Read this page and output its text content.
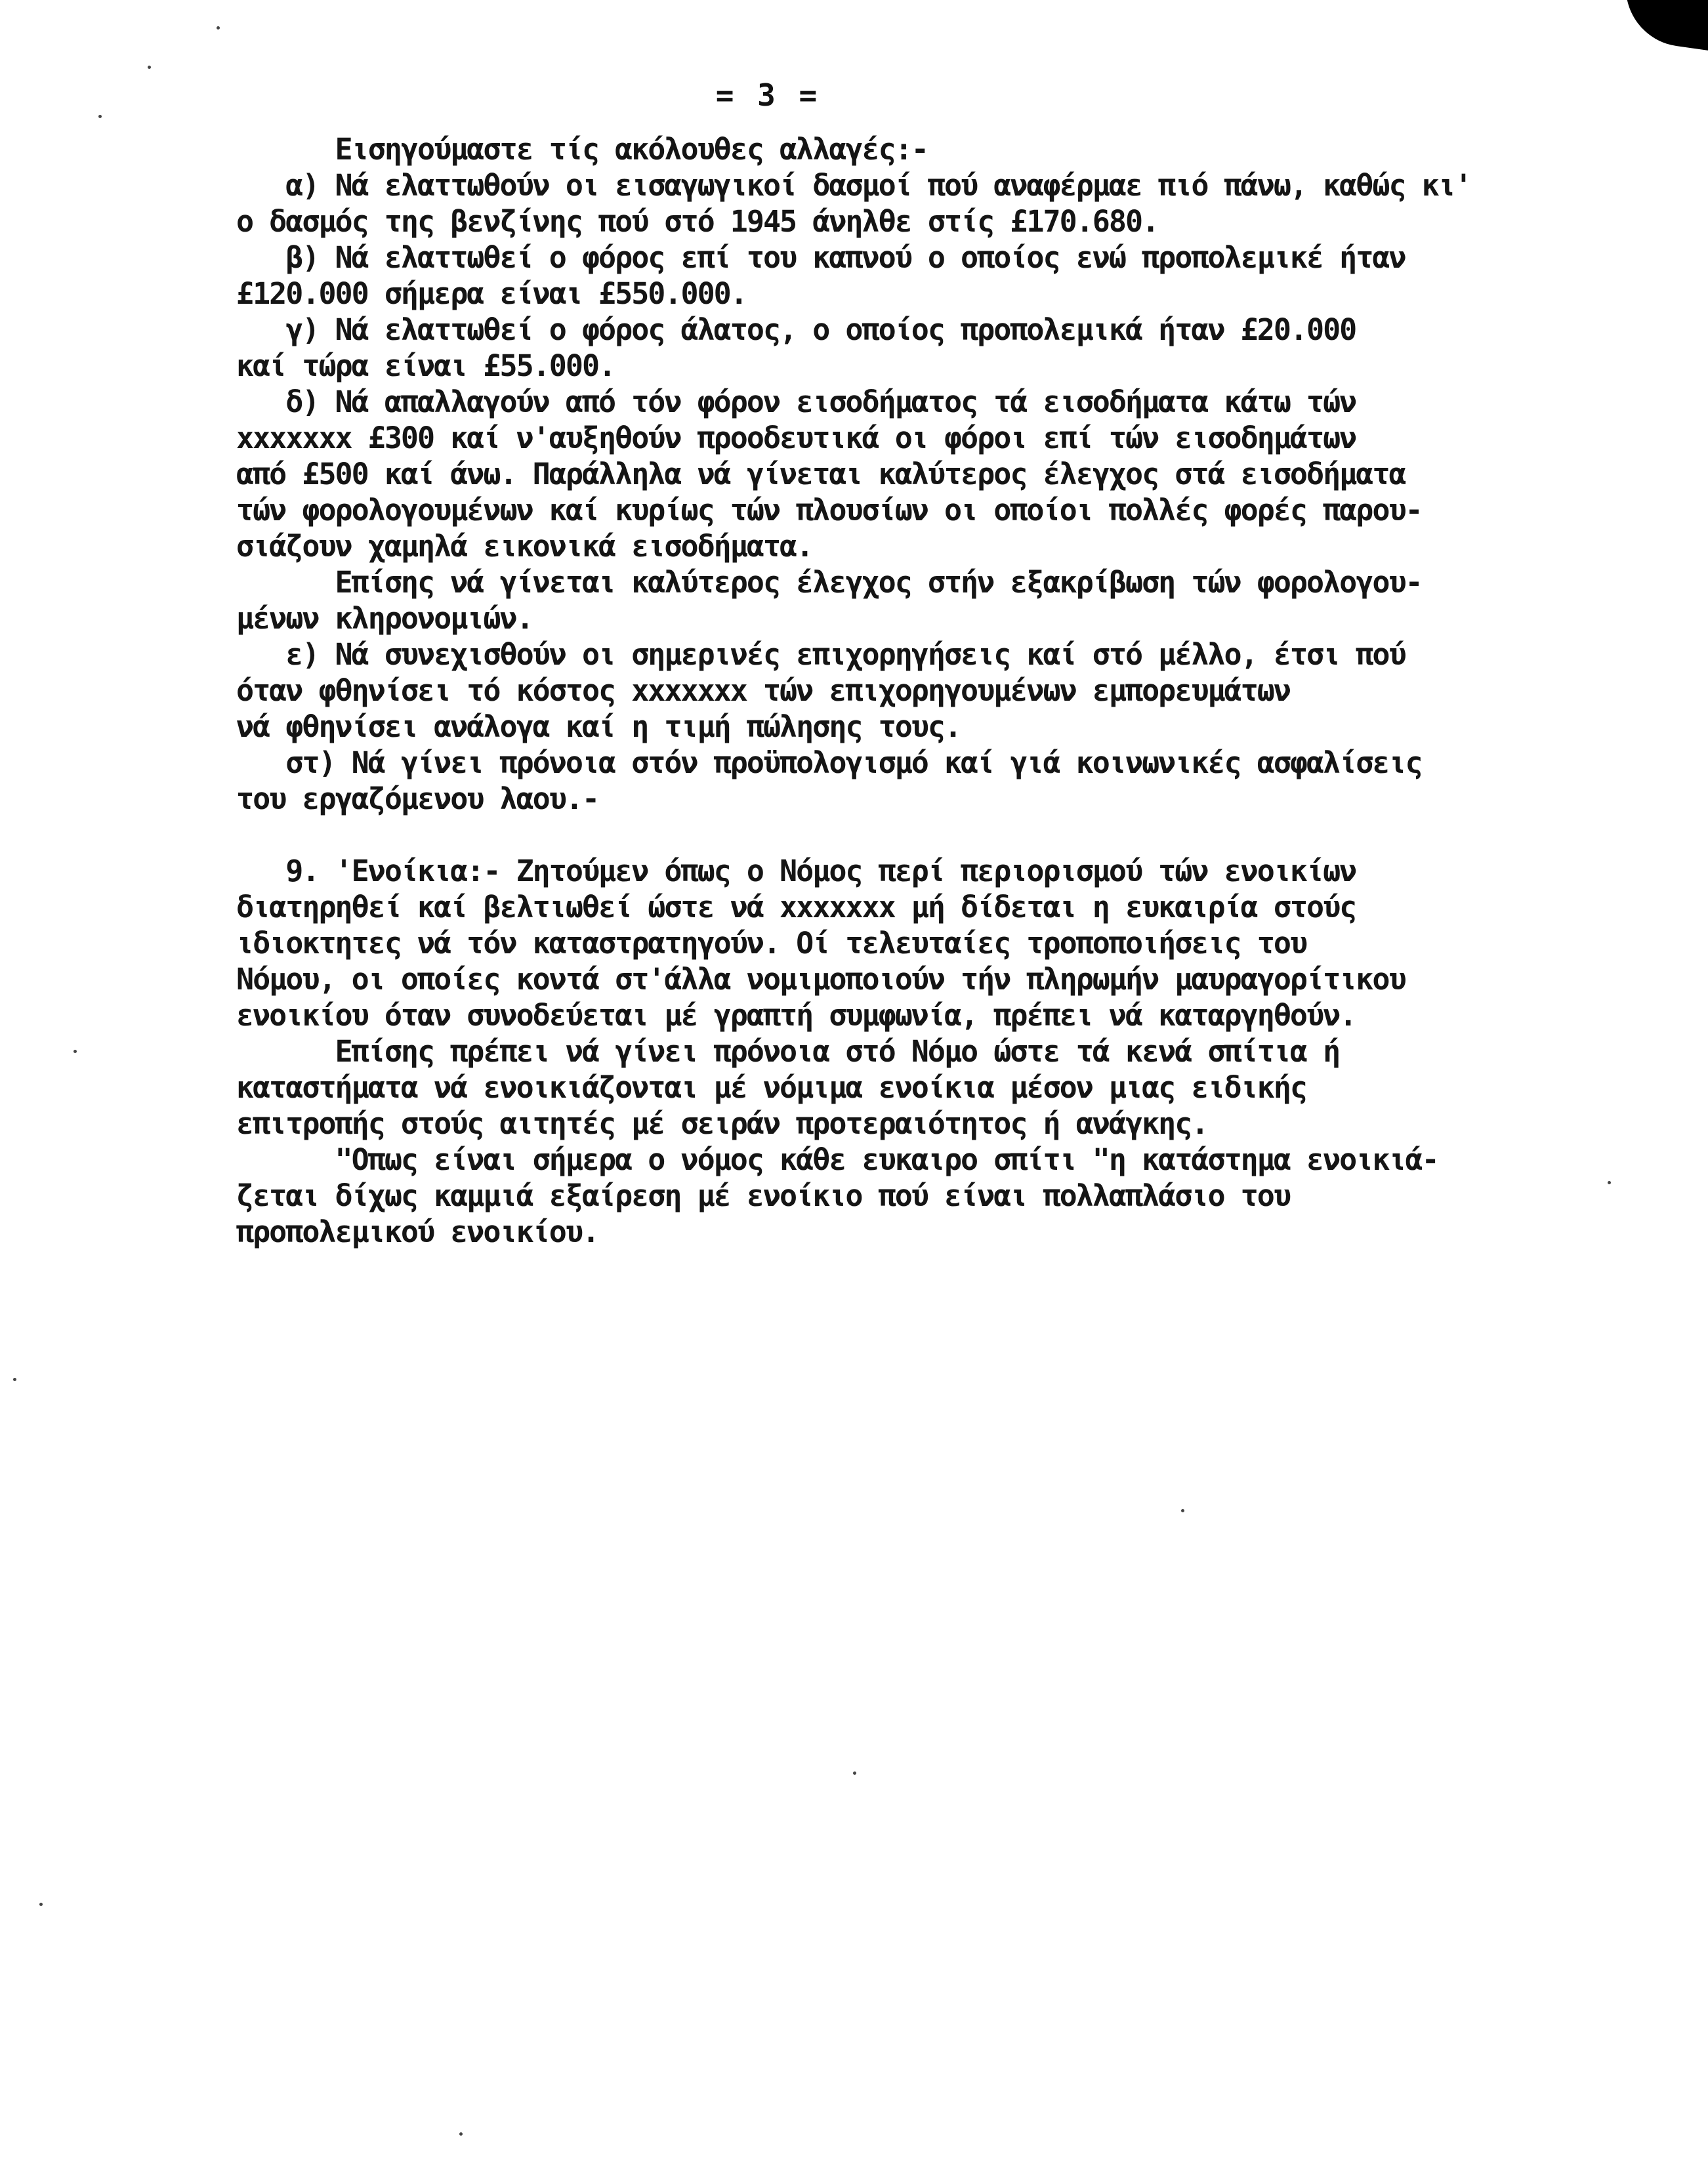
= 3 =
Εισηγούμαστε τίς ακόλουθες αλλαγές:-
α) Νά ελαττωθούν οι εισαγωγικοί δασμοί πού αναφέρμαε πιό πάνω, καθώς κι'
ο δασμός της βενζίνης πού στό 1945 άνηλθε στίς £170.680.
β) Νά ελαττωθεί ο φόρος επί του καπνού ο οποίος ενώ προπολεμικέ ήταν
£120.000 σήμερα είναι £550.000.
γ) Νά ελαττωθεί ο φόρος άλατος, ο οποίος προπολεμικά ήταν £20.000
καί τώρα είναι £55.000.
δ) Νά απαλλαγούν από τόν φόρον εισοδήματος τά εισοδήματα κάτω τών
xxxxxxx £300 καί ν'αυξηθούν προοδευτικά οι φόροι επί τών εισοδημάτων
από £500 καί άνω. Παράλληλα νά γίνεται καλύτερος έλεγχος στά εισοδήματα
τών φορολογουμένων καί κυρίως τών πλουσίων οι οποίοι πολλές φορές παρου-
σιάζουν χαμηλά εικονικά εισοδήματα.
Επίσης νά γίνεται καλύτερος έλεγχος στήν εξακρίβωση τών φορολογου-
μένων κληρονομιών.
ε) Νά συνεχισθούν οι σημερινές επιχορηγήσεις καί στό μέλλο, έτσι πού
όταν φθηνίσει τό κόστος xxxxxxx τών επιχορηγουμένων εμπορευμάτων
νά φθηνίσει ανάλογα καί η τιμή πώλησης τους.
στ) Νά γίνει πρόνοια στόν προϋπολογισμό καί γιά κοινωνικές ασφαλίσεις
του εργαζόμενου λαου.-
9. 'Ενοίκια:- Ζητούμεν όπως ο Νόμος περί περιορισμού τών ενοικίων
διατηρηθεί καί βελτιωθεί ώστε νά xxxxxxx μή δίδεται η ευκαιρία στούς
ιδιοκτητες νά τόν καταστρατηγούν. Οί τελευταίες τροποποιήσεις του
Νόμου, οι οποίες κοντά στ'άλλα νομιμοποιούν τήν πληρωμήν μαυραγορίτικου
ενοικίου όταν συνοδεύεται μέ γραπτή συμφωνία, πρέπει νά καταργηθούν.
Επίσης πρέπει νά γίνει πρόνοια στό Νόμο ώστε τά κενά σπίτια ή
καταστήματα νά ενοικιάζονται μέ νόμιμα ενοίκια μέσον μιας ειδικής
επιτροπής στούς αιτητές μέ σειράν προτεραιότητος ή ανάγκης.
"Οπως είναι σήμερα ο νόμος κάθε ευκαιρο σπίτι "η κατάστημα ενοικιά-
ζεται δίχως καμμιά εξαίρεση μέ ενοίκιο πού είναι πολλαπλάσιο του
προπολεμικού ενοικίου.
